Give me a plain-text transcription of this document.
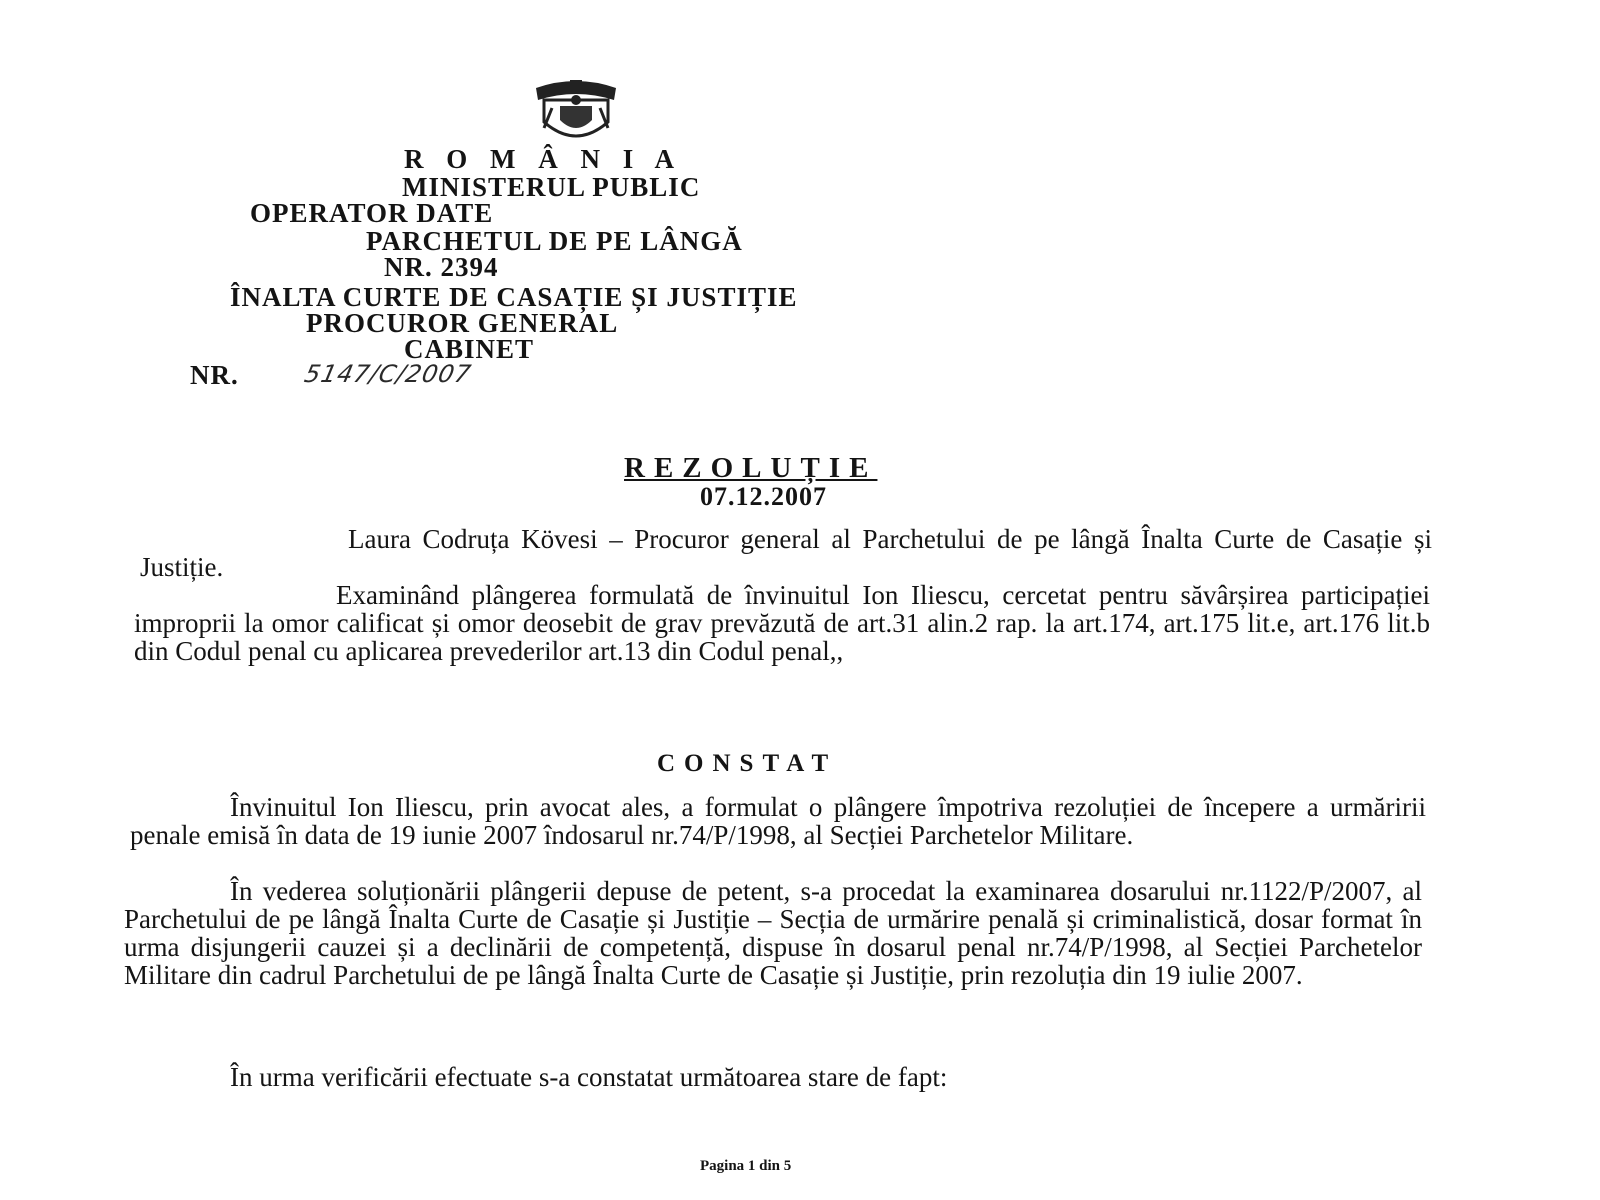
R O M Â N I A
MINISTERUL PUBLIC
OPERATOR DATE
PARCHETUL DE PE LÂNGĂ
NR. 2394
ÎNALTA CURTE DE CASAȚIE ȘI JUSTIȚIE
PROCUROR GENERAL
CABINET
NR.	5147/C/2007
REZOLUȚIE
07.12.2007
Laura Codruța Kövesi – Procuror general al Parchetului de pe lângă Înalta Curte de Casație și Justiție.
Examinând plângerea formulată de învinuitul Ion Iliescu, cercetat pentru săvârșirea participației improprii la omor calificat și omor deosebit de grav prevăzută de art.31 alin.2 rap. la art.174, art.175 lit.e, art.176 lit.b din Codul penal cu aplicarea prevederilor art.13 din Codul penal,,
CONSTAT
Învinuitul Ion Iliescu, prin avocat ales, a formulat o plângere împotriva rezoluției de începere a urmăririi penale emisă în data de 19 iunie 2007 îndosarul nr.74/P/1998, al Secției Parchetelor Militare.
În vederea soluționării plângerii depuse de petent, s-a procedat la examinarea dosarului nr.1122/P/2007, al Parchetului de pe lângă Înalta Curte de Casație și Justiție – Secția de urmărire penală și criminalistică, dosar format în urma disjungerii cauzei și a declinării de competență, dispuse în dosarul penal nr.74/P/1998, al Secției Parchetelor Militare din cadrul Parchetului de pe lângă Înalta Curte de Casație și Justiție, prin rezoluția din 19 iulie 2007.
În urma verificării efectuate s-a constatat următoarea stare de fapt:
Pagina 1 din 5
